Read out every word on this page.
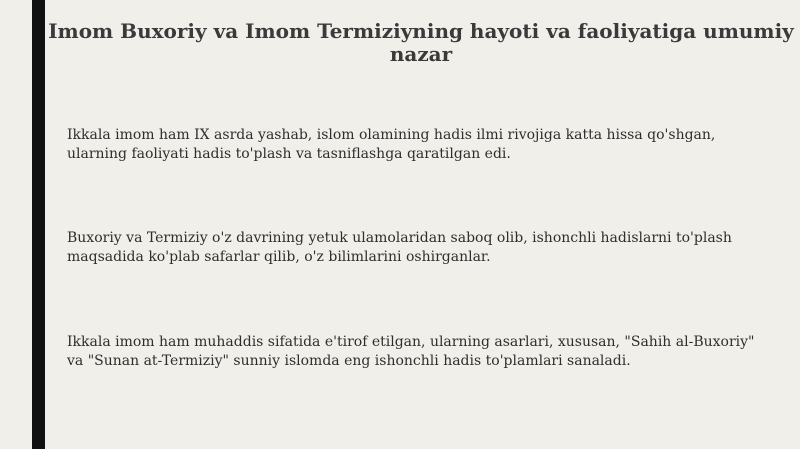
Imom Buxoriy va Imom Termiziyning hayoti va faoliyatiga umumiy nazar

Ikkala imom ham IX asrda yashab, islom olamining hadis ilmi rivojiga katta hissa qo'shgan, ularning faoliyati hadis to'plash va tasniflashga qaratilgan edi.

Buxoriy va Termiziy o'z davrining yetuk ulamolaridan saboq olib, ishonchli hadislarni to'plash maqsadida ko'plab safarlar qilib, o'z bilimlarini oshirganlar.

Ikkala imom ham muhaddis sifatida e'tirof etilgan, ularning asarlari, xususan, "Sahih al-Buxoriy" va "Sunan at-Termiziy" sunniy islomda eng ishonchli hadis to'plamlari sanaladi.
